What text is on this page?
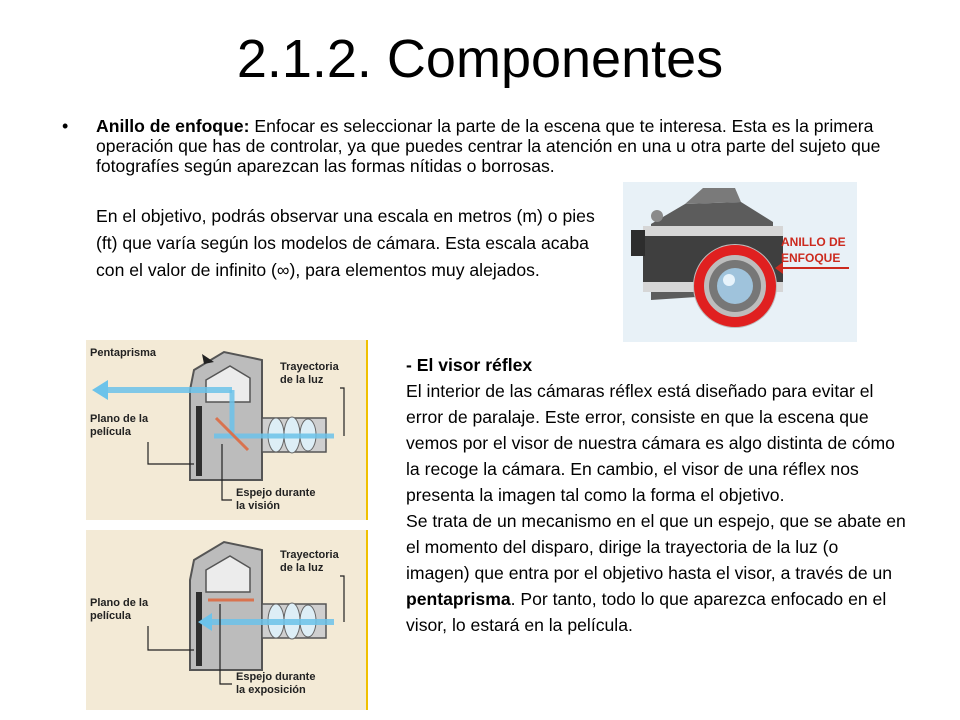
2.1.2. Componentes
• Anillo de enfoque: Enfocar es seleccionar la parte de la escena que te interesa. Esta es la primera operación que has de controlar, ya que puedes centrar la atención en una u otra parte del sujeto que fotografíes según aparezcan las formas nítidas o borrosas.
En el objetivo, podrás observar una escala en metros (m) o pies (ft) que varía según los modelos de cámara. Esta escala acaba con el valor de infinito (∞), para elementos muy alejados.
ANILLO DE
ENFOQUE
Pentaprisma
Trayectoria
de la luz
Plano de la
película
Espejo durante
la visión
Trayectoria
de la luz
Plano de la
película
Espejo durante
la exposición

- El visor réflex

El interior de las cámaras réflex está diseñado para evitar el error de paralaje. Este error, consiste en que la escena que vemos por el visor de nuestra cámara es algo distinta de cómo la recoge la cámara. En cambio, el visor de una réflex nos presenta la imagen tal como la forma el objetivo.

Se trata de un mecanismo en el que un espejo, que se abate en el momento del disparo, dirige la trayectoria de la luz (o imagen) que entra por el objetivo hasta el visor, a través de un pentaprisma. Por tanto, todo lo que aparezca enfocado en el visor, lo estará en la película.
